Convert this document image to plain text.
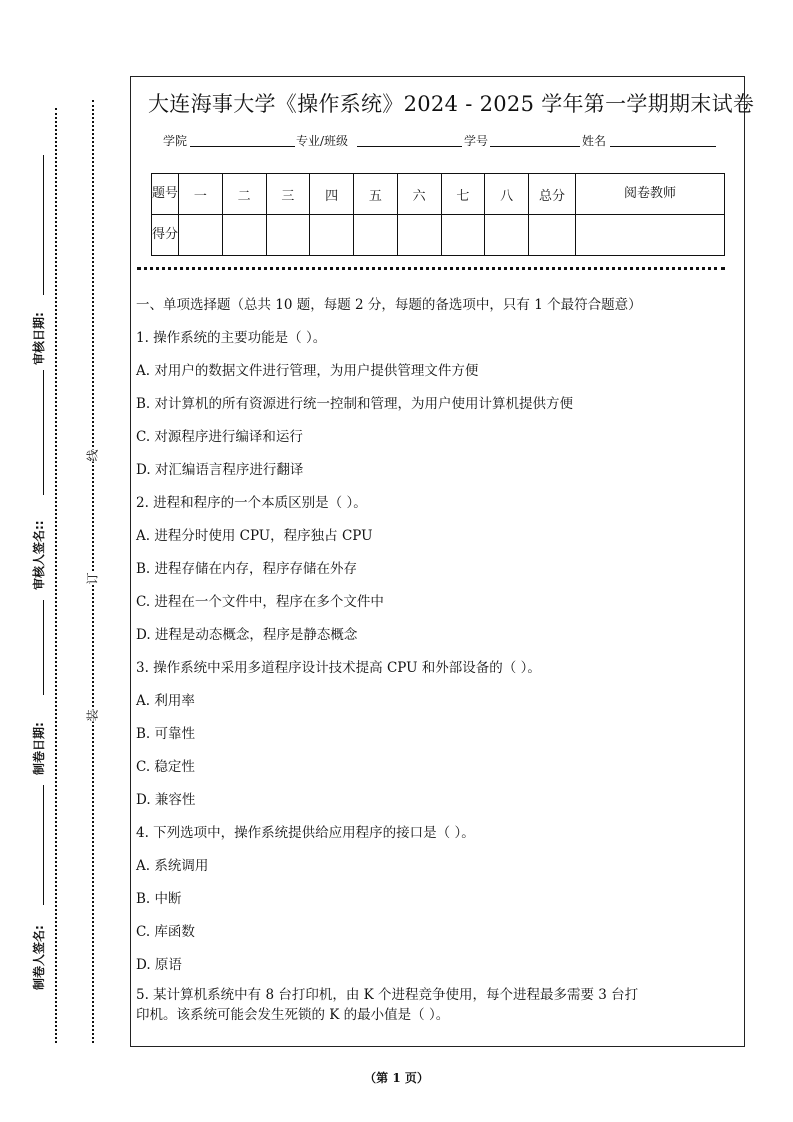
审核日期:
审核人签名::
制卷日期:
制卷人签名:
线
订
装
大连海事大学《操作系统》2024 - 2025 学年第一学期期末试卷
学院	专业/班级	学号	姓名
题号	一	二	三	四	五	六	七	八	总分	阅卷教师
得分										
一、单项选择题（总共 10 题，每题 2 分，每题的备选项中，只有 1 个最符合题意）
1. 操作系统的主要功能是（ ）。
A. 对用户的数据文件进行管理，为用户提供管理文件方便
B. 对计算机的所有资源进行统一控制和管理，为用户使用计算机提供方便
C. 对源程序进行编译和运行
D. 对汇编语言程序进行翻译
2. 进程和程序的一个本质区别是（ ）。
A. 进程分时使用 CPU，程序独占 CPU
B. 进程存储在内存，程序存储在外存
C. 进程在一个文件中，程序在多个文件中
D. 进程是动态概念，程序是静态概念
3. 操作系统中采用多道程序设计技术提高 CPU 和外部设备的（ ）。
A. 利用率
B. 可靠性
C. 稳定性
D. 兼容性
4. 下列选项中，操作系统提供给应用程序的接口是（ ）。
A. 系统调用
B. 中断
C. 库函数
D. 原语
5. 某计算机系统中有 8 台打印机，由 K 个进程竞争使用，每个进程最多需要 3 台打
印机。该系统可能会发生死锁的 K 的最小值是（ ）。
（第 1 页）
